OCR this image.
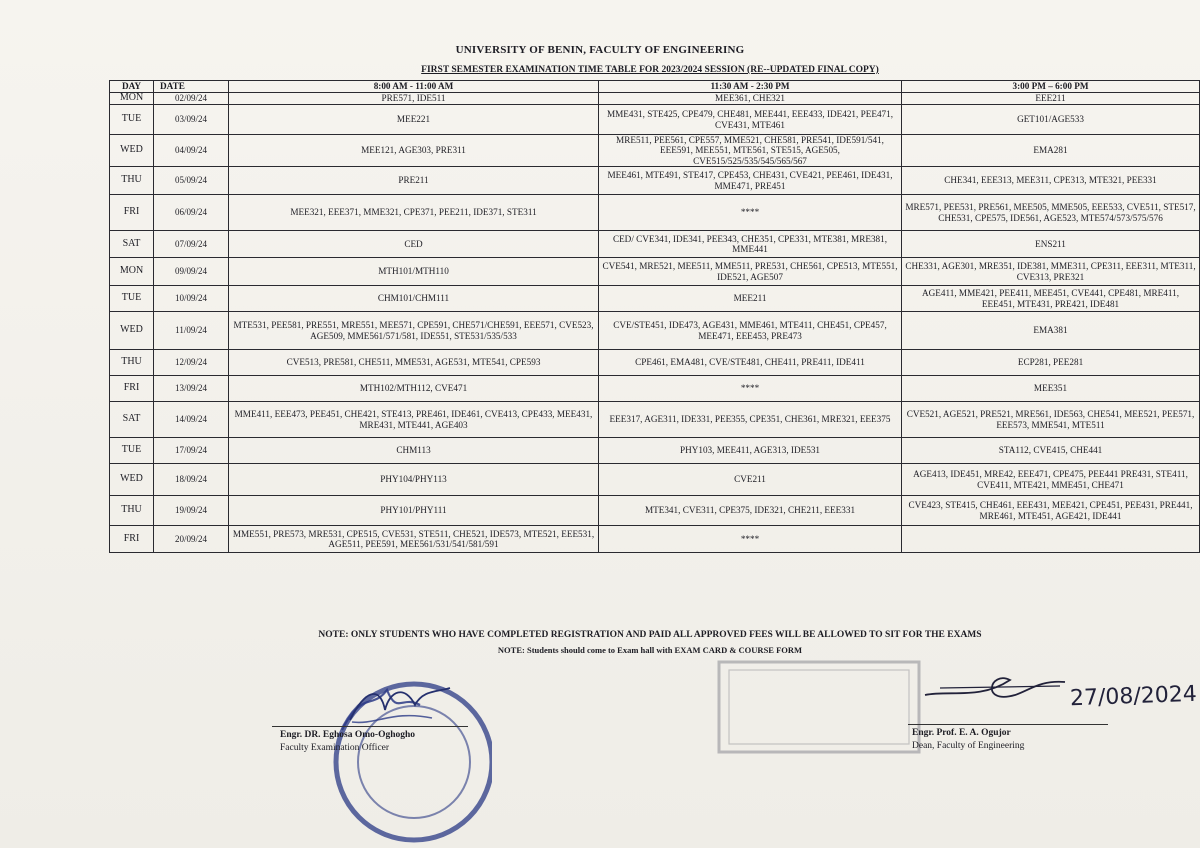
UNIVERSITY OF BENIN, FACULTY OF ENGINEERING
FIRST SEMESTER EXAMINATION TIME TABLE FOR 2023/2024 SESSION (RE--UPDATED FINAL COPY)
DAY	DATE	8:00 AM - 11:00 AM	11:30 AM - 2:30 PM	3:00 PM – 6:00 PM
MON	02/09/24	PRE571, IDE511	MEE361, CHE321	EEE211
TUE	03/09/24	MEE221	MME431, STE425, CPE479, CHE481, MEE441, EEE433, IDE421, PEE471, CVE431, MTE461	GET101/AGE533
WED	04/09/24	MEE121, AGE303, PRE311	MRE511, PEE561, CPE557, MME521, CHE581, PRE541, IDE591/541, EEE591, MEE551, MTE561, STE515, AGE505, CVE515/525/535/545/565/567	EMA281
THU	05/09/24	PRE211	MEE461, MTE491, STE417, CPE453, CHE431, CVE421, PEE461, IDE431, MME471, PRE451	CHE341, EEE313, MEE311, CPE313, MTE321, PEE331
FRI	06/09/24	MEE321, EEE371, MME321, CPE371, PEE211, IDE371, STE311	****	MRE571, PEE531, PRE561, MEE505, MME505, EEE533, CVE511, STE517, CHE531, CPE575, IDE561, AGE523, MTE574/573/575/576
SAT	07/09/24	CED	CED/ CVE341, IDE341, PEE343, CHE351, CPE331, MTE381, MRE381, MME441	ENS211
MON	09/09/24	MTH101/MTH110	CVE541, MRE521, MEE511, MME511, PRE531, CHE561, CPE513, MTE551, IDE521, AGE507	CHE331, AGE301, MRE351, IDE381, MME311, CPE311, EEE311, MTE311, CVE313, PRE321
TUE	10/09/24	CHM101/CHM111	MEE211	AGE411, MME421, PEE411, MEE451, CVE441, CPE481, MRE411, EEE451, MTE431, PRE421, IDE481
WED	11/09/24	MTE531, PEE581, PRE551, MRE551, MEE571, CPE591, CHE571/CHE591, EEE571, CVE523, AGE509, MME561/571/581, IDE551, STE531/535/533	CVE/STE451, IDE473, AGE431, MME461, MTE411, CHE451, CPE457, MEE471, EEE453, PRE473	EMA381
THU	12/09/24	CVE513, PRE581, CHE511, MME531, AGE531, MTE541, CPE593	CPE461, EMA481, CVE/STE481, CHE411, PRE411, IDE411	ECP281, PEE281
FRI	13/09/24	MTH102/MTH112, CVE471	****	MEE351
SAT	14/09/24	MME411, EEE473, PEE451, CHE421, STE413, PRE461, IDE461, CVE413, CPE433, MEE431, MRE431, MTE441, AGE403	EEE317, AGE311, IDE331, PEE355, CPE351, CHE361, MRE321, EEE375	CVE521, AGE521, PRE521, MRE561, IDE563, CHE541, MEE521, PEE571, EEE573, MME541, MTE511
TUE	17/09/24	CHM113	PHY103, MEE411, AGE313, IDE531	STA112, CVE415, CHE441
WED	18/09/24	PHY104/PHY113	CVE211	AGE413, IDE451, MRE42, EEE471, CPE475, PEE441 PRE431, STE411, CVE411, MTE421, MME451, CHE471
THU	19/09/24	PHY101/PHY111	MTE341, CVE311, CPE375, IDE321, CHE211, EEE331	CVE423, STE415, CHE461, EEE431, MEE421, CPE451, PEE431, PRE441, MRE461, MTE451, AGE421, IDE441
FRI	20/09/24	MME551, PRE573, MRE531, CPE515, CVE531, STE511, CHE521, IDE573, MTE521, EEE531, AGE511, PEE591, MEE561/531/541/581/591	****	
NOTE: ONLY STUDENTS WHO HAVE COMPLETED REGISTRATION AND PAID ALL APPROVED FEES WILL BE ALLOWED TO SIT FOR THE EXAMS
NOTE: Students should come to Exam hall with EXAM CARD & COURSE FORM
27/08/2024
Engr. DR. Eghosa Omo-Oghogho
Faculty Examination Officer
Engr. Prof. E. A. Ogujor
Dean, Faculty of Engineering
